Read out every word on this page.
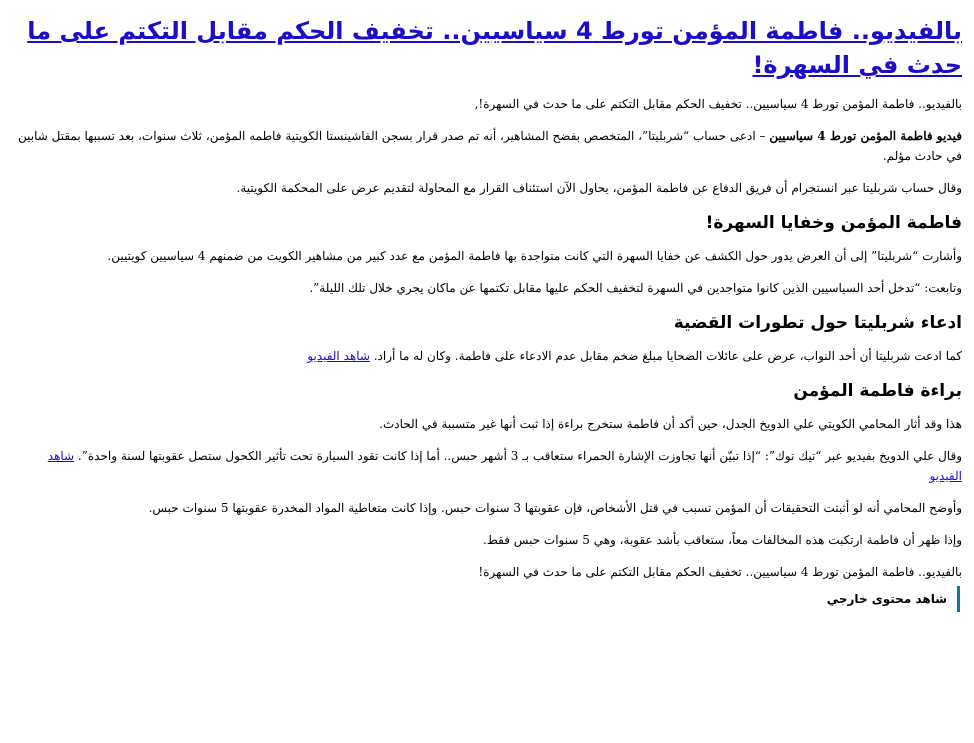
بالفيديو.. فاطمة المؤمن تورط 4 سياسيين.. تخفيف الحكم مقابل التكتم على ما حدث في السهرة!

بالفيديو.. فاطمة المؤمن تورط 4 سياسيين.. تخفيف الحكم مقابل التكتم على ما حدث في السهرة!,

فيديو فاطمة المؤمن تورط 4 سياسيين – ادعى حساب “شربليتا”، المتخصص بفضح المشاهير، أنه تم صدر قرار بسجن الفاشينستا الكويتية فاطمه المؤمن، ثلاث سنوات، بعد تسببها بمقتل شابين في حادث مؤلم.

وقال حساب شربليتا عبر انستجرام أن فريق الدفاع عن فاطمة المؤمن، يحاول الآن استئناف القرار مع المحاولة لتقديم عرض على المحكمة الكويتية.

فاطمة المؤمن وخفايا السهرة!

وأشارت “شربليتا” إلى أن العرض يدور حول الكشف عن خفايا السهرة التي كانت متواجدة بها فاطمة المؤمن مع عدد كبير من مشاهير الكويت من ضمنهم 4 سياسيين كويتيين.

وتابعت: “تدخل أحد السياسيين الذين كانوا متواجدين في السهرة لتخفيف الحكم عليها مقابل تكتمها عن ماكان يجري خلال تلك الليلة”.

ادعاء شربليتا حول تطورات القضية

كما ادعت شربليتا أن أحد النواب، عرض على عائلات الضحايا مبلغ ضخم مقابل عدم الادعاء على فاطمة. وكان له ما أراد. شاهد الفيديو

براءة فاطمة المؤمن

هذا وقد أثار المحامي الكويتي علي الدويخ الجدل، حين أكد أن فاطمة ستخرج براءة إذا ثبت أنها غير متسببة في الحادث.

وقال علي الدويخ بفيديو عبر “تيك توك”: “إذا تبيّن أنها تجاوزت الإشارة الحمراء ستعاقب بـ 3 أشهر حبس.. أما إذا كانت تقود السيارة تحت تأثير الكحول ستصل عقوبتها لسنة واحدة”. شاهد الفيديو

وأوضح المحامي أنه لو أثبتت التحقيقات أن المؤمن تسبب في قتل الأشخاص، فإن عقوبتها 3 سنوات حبس. وإذا كانت متعاطية المواد المخدرة عقوبتها 5 سنوات حبس.

وإذا ظهر أن فاطمة ارتكبت هذه المخالفات معاً، ستعاقب بأشد عقوبة، وهي 5 سنوات حبس فقط.

بالفيديو.. فاطمة المؤمن تورط 4 سياسيين.. تخفيف الحكم مقابل التكتم على ما حدث في السهرة!

شاهد محتوى خارجي
